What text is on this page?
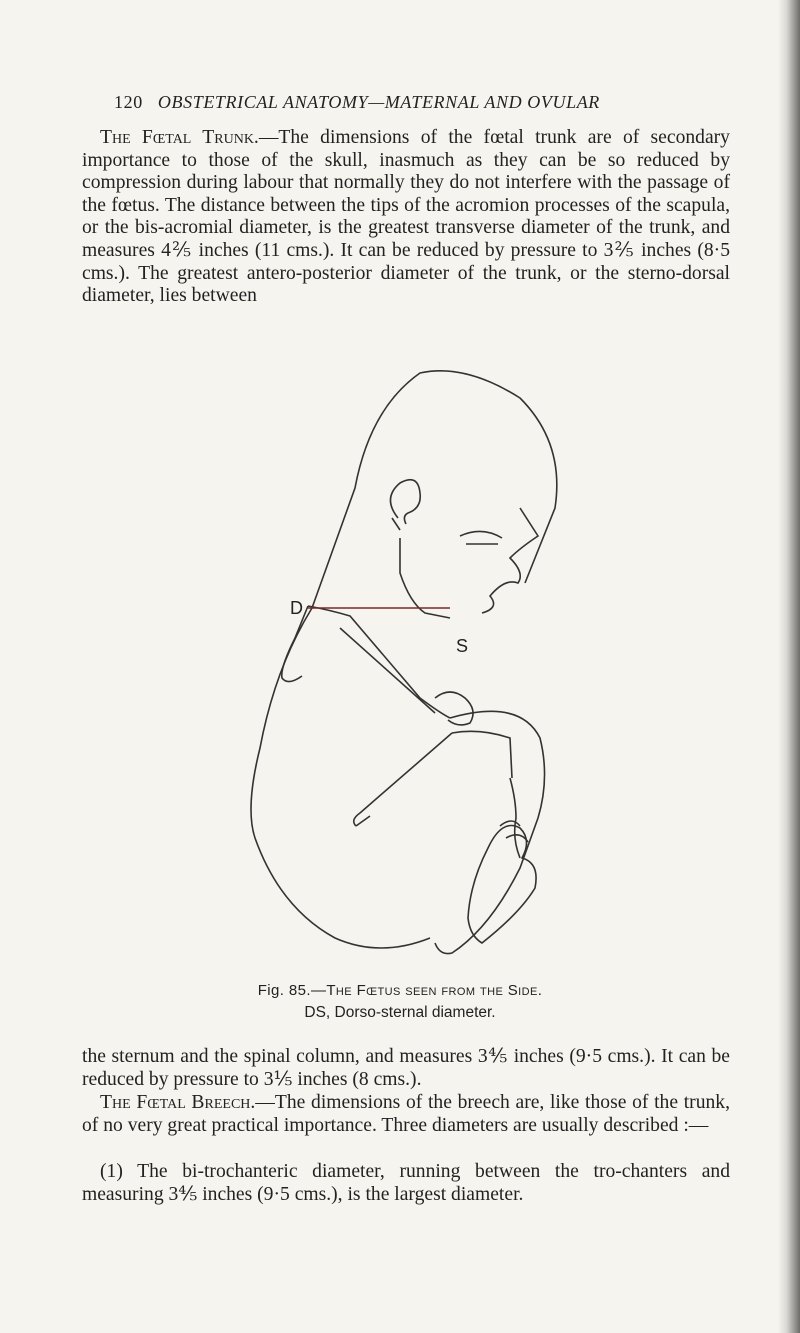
120 OBSTETRICAL ANATOMY—MATERNAL AND OVULAR
The Fœtal Trunk.—The dimensions of the fœtal trunk are of secondary importance to those of the skull, inasmuch as they can be so reduced by compression during labour that normally they do not interfere with the passage of the fœtus. The distance between the tips of the acromion processes of the scapula, or the bis-acromial diameter, is the greatest transverse diameter of the trunk, and measures 4⅖ inches (11 cms.). It can be reduced by pressure to 3⅖ inches (8·5 cms.). The greatest antero-posterior diameter of the trunk, or the sterno-dorsal diameter, lies between
D
S
Fig. 85.—The Fœtus seen from the Side.
DS, Dorso-sternal diameter.
the sternum and the spinal column, and measures 3⅘ inches (9·5 cms.). It can be reduced by pressure to 3⅕ inches (8 cms.).
The Fœtal Breech.—The dimensions of the breech are, like those of the trunk, of no very great practical importance. Three diameters are usually described :—
(1) The bi-trochanteric diameter, running between the tro-chanters and measuring 3⅘ inches (9·5 cms.), is the largest diameter.
